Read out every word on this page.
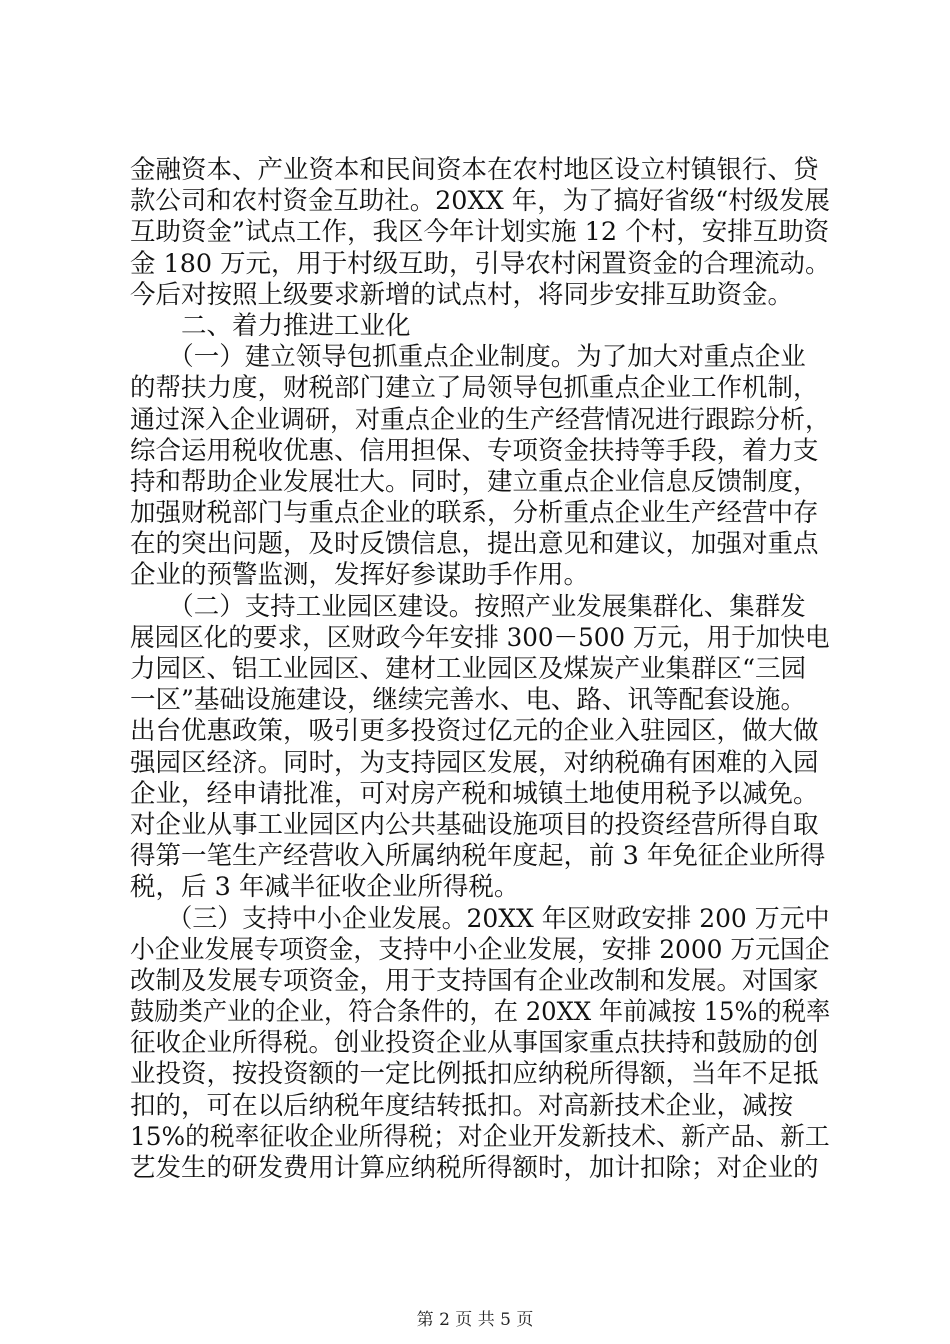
金融资本、产业资本和民间资本在农村地区设立村镇银行、贷
款公司和农村资金互助社。20XX 年，为了搞好省级“村级发展
互助资金”试点工作，我区今年计划实施 12 个村，安排互助资
金 180 万元，用于村级互助，引导农村闲置资金的合理流动。
今后对按照上级要求新增的试点村，将同步安排互助资金。
　　二、着力推进工业化
　　（一）建立领导包抓重点企业制度。为了加大对重点企业
的帮扶力度，财税部门建立了局领导包抓重点企业工作机制，
通过深入企业调研，对重点企业的生产经营情况进行跟踪分析，
综合运用税收优惠、信用担保、专项资金扶持等手段，着力支
持和帮助企业发展壮大。同时，建立重点企业信息反馈制度，
加强财税部门与重点企业的联系，分析重点企业生产经营中存
在的突出问题，及时反馈信息，提出意见和建议，加强对重点
企业的预警监测，发挥好参谋助手作用。
　　（二）支持工业园区建设。按照产业发展集群化、集群发
展园区化的要求，区财政今年安排 300－500 万元，用于加快电
力园区、铝工业园区、建材工业园区及煤炭产业集群区“三园
一区”基础设施建设，继续完善水、电、路、讯等配套设施。
出台优惠政策，吸引更多投资过亿元的企业入驻园区，做大做
强园区经济。同时，为支持园区发展，对纳税确有困难的入园
企业，经申请批准，可对房产税和城镇土地使用税予以减免。
对企业从事工业园区内公共基础设施项目的投资经营所得自取
得第一笔生产经营收入所属纳税年度起，前 3 年免征企业所得
税，后 3 年减半征收企业所得税。
　　（三）支持中小企业发展。20XX 年区财政安排 200 万元中
小企业发展专项资金，支持中小企业发展，安排 2000 万元国企
改制及发展专项资金，用于支持国有企业改制和发展。对国家
鼓励类产业的企业，符合条件的，在 20XX 年前减按 15%的税率
征收企业所得税。创业投资企业从事国家重点扶持和鼓励的创
业投资，按投资额的一定比例抵扣应纳税所得额，当年不足抵
扣的，可在以后纳税年度结转抵扣。对高新技术企业，减按
15%的税率征收企业所得税；对企业开发新技术、新产品、新工
艺发生的研发费用计算应纳税所得额时，加计扣除；对企业的
第 2 页 共 5 页
